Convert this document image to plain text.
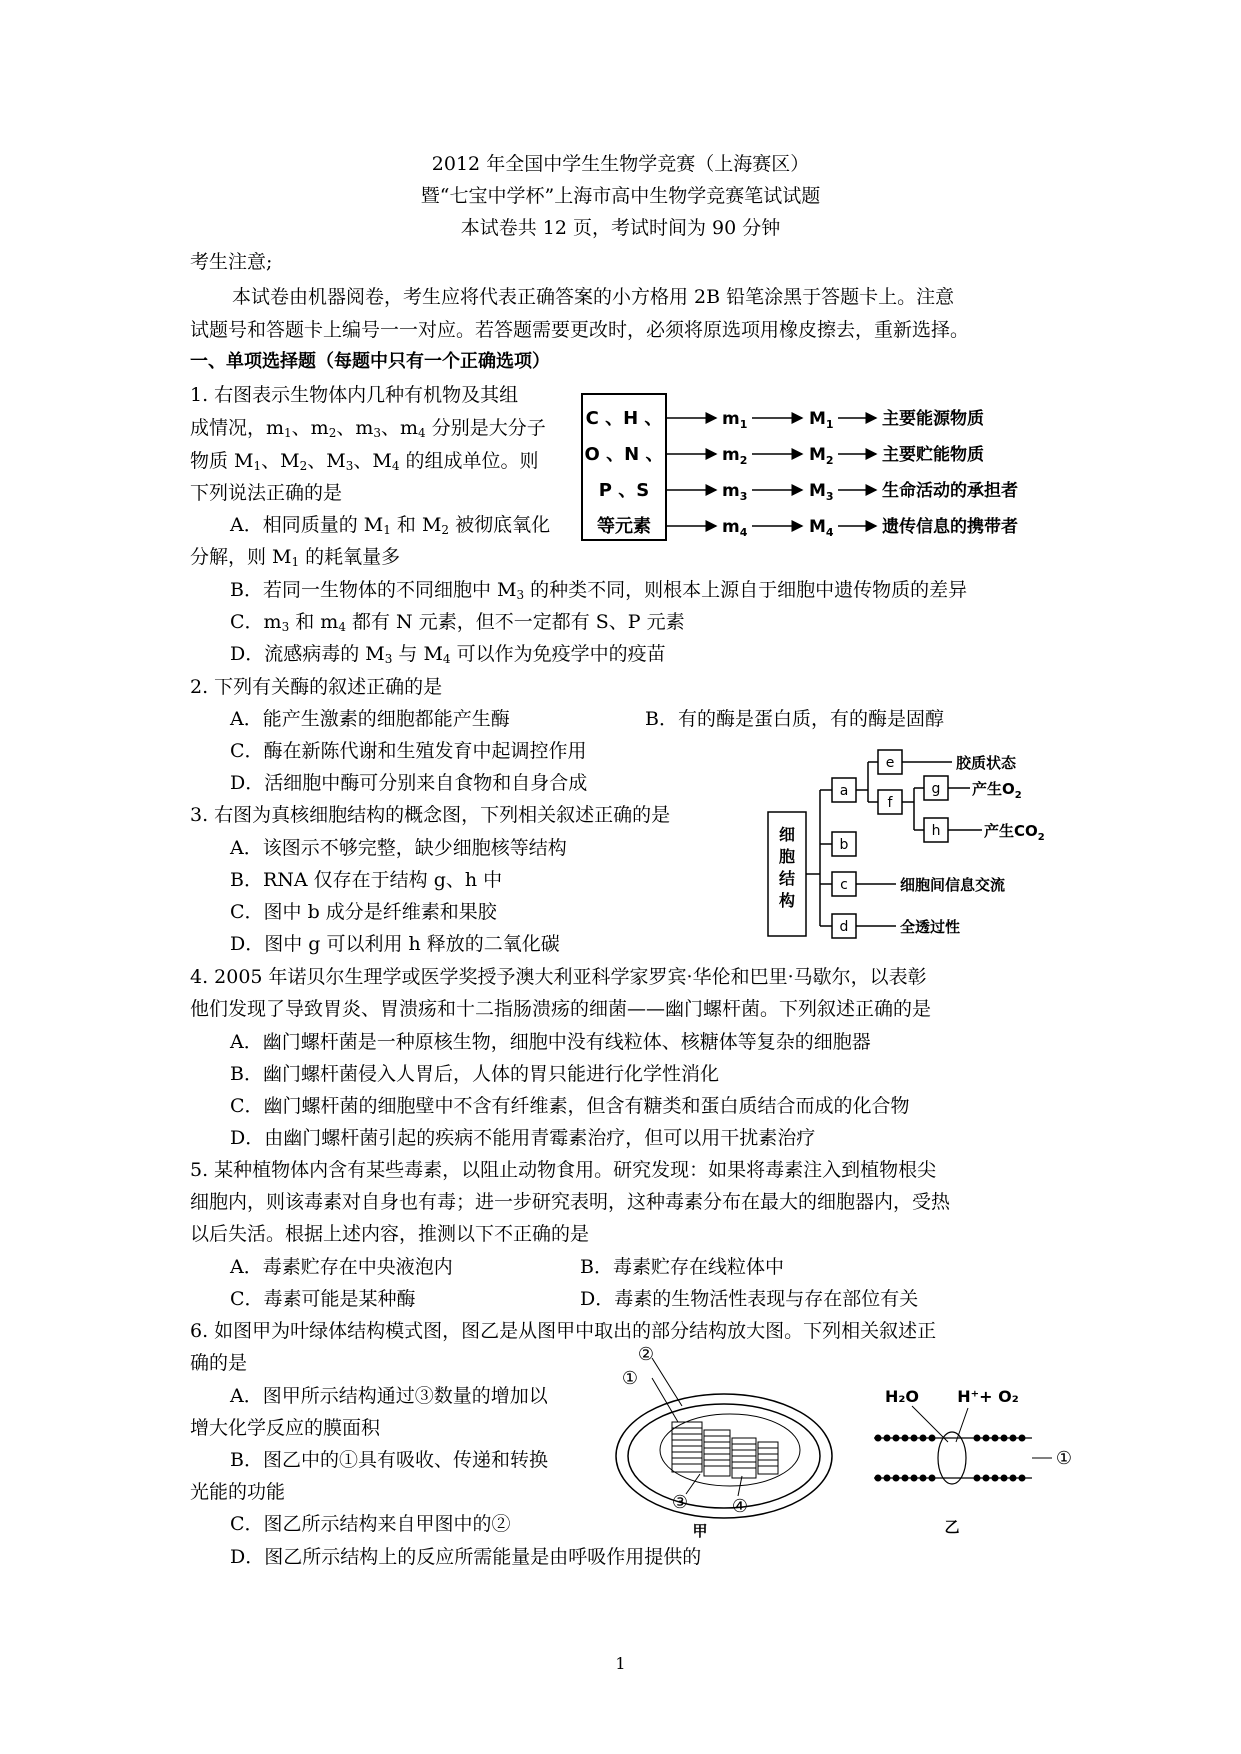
2012 年全国中学生生物学竞赛（上海赛区）
暨“七宝中学杯”上海市高中生物学竞赛笔试试题
本试卷共 12 页，考试时间为 90 分钟
考生注意;
本试卷由机器阅卷，考生应将代表正确答案的小方格用 2B 铅笔涂黑于答题卡上。注意
试题号和答题卡上编号一一对应。若答题需要更改时，必须将原选项用橡皮擦去，重新选择。
一、单项选择题（每题中只有一个正确选项）
1. 右图表示生物体内几种有机物及其组
成情况，$m_1$、$m_2$、$m_3$、$m_4$ 分别是大分子
物质 $M_1$、$M_2$、$M_3$、$M_4$ 的组成单位。则
下列说法正确的是
A．相同质量的 $M_1$ 和 $M_2$ 被彻底氧化
分解，则 $M_1$ 的耗氧量多
B．若同一生物体的不同细胞中 $M_3$ 的种类不同，则根本上源自于细胞中遗传物质的差异
C．$m_3$ 和 $m_4$ 都有 N 元素，但不一定都有 S、P 元素
D．流感病毒的 $M_3$ 与 $M_4$ 可以作为免疫学中的疫苗
C 、H 、
O 、N 、
P 、S
等元素
$m_1$	$M_1$	主要能源物质
$m_2$	$M_2$	主要贮能物质
$m_3$	$M_3$	生命活动的承担者
$m_4$	$M_4$	遗传信息的携带者
2. 下列有关酶的叙述正确的是
A．能产生激素的细胞都能产生酶	B．有的酶是蛋白质，有的酶是固醇
C．酶在新陈代谢和生殖发育中起调控作用
D．活细胞中酶可分别来自食物和自身合成
3. 右图为真核细胞结构的概念图，下列相关叙述正确的是
A．该图示不够完整，缺少细胞核等结构
B．RNA 仅存在于结构 g、h 中
C．图中 b 成分是纤维素和果胶
D．图中 g 可以利用 h 释放的二氧化碳
细
胞
结
构
a
b
c
d
e
f
g
h
胶质状态
产生$O_2$
产生$CO_2$
细胞间信息交流
全透过性
4. 2005 年诺贝尔生理学或医学奖授予澳大利亚科学家罗宾·华伦和巴里·马歇尔，以表彰
他们发现了导致胃炎、胃溃疡和十二指肠溃疡的细菌——幽门螺杆菌。下列叙述正确的是
A．幽门螺杆菌是一种原核生物，细胞中没有线粒体、核糖体等复杂的细胞器
B．幽门螺杆菌侵入人胃后，人体的胃只能进行化学性消化
C．幽门螺杆菌的细胞壁中不含有纤维素，但含有糖类和蛋白质结合而成的化合物
D．由幽门螺杆菌引起的疾病不能用青霉素治疗，但可以用干扰素治疗
5. 某种植物体内含有某些毒素，以阻止动物食用。研究发现：如果将毒素注入到植物根尖
细胞内，则该毒素对自身也有毒；进一步研究表明，这种毒素分布在最大的细胞器内，受热
以后失活。根据上述内容，推测以下不正确的是
A．毒素贮存在中央液泡内	B．毒素贮存在线粒体中
C．毒素可能是某种酶	D．毒素的生物活性表现与存在部位有关
6. 如图甲为叶绿体结构模式图，图乙是从图甲中取出的部分结构放大图。下列相关叙述正
确的是
A．图甲所示结构通过③数量的增加以
增大化学反应的膜面积
B．图乙中的①具有吸收、传递和转换
光能的功能
C．图乙所示结构来自甲图中的②
D．图乙所示结构上的反应所需能量是由呼吸作用提供的
②
①
③ ④
甲
H₂O H⁺+ O₂
①
乙
1
